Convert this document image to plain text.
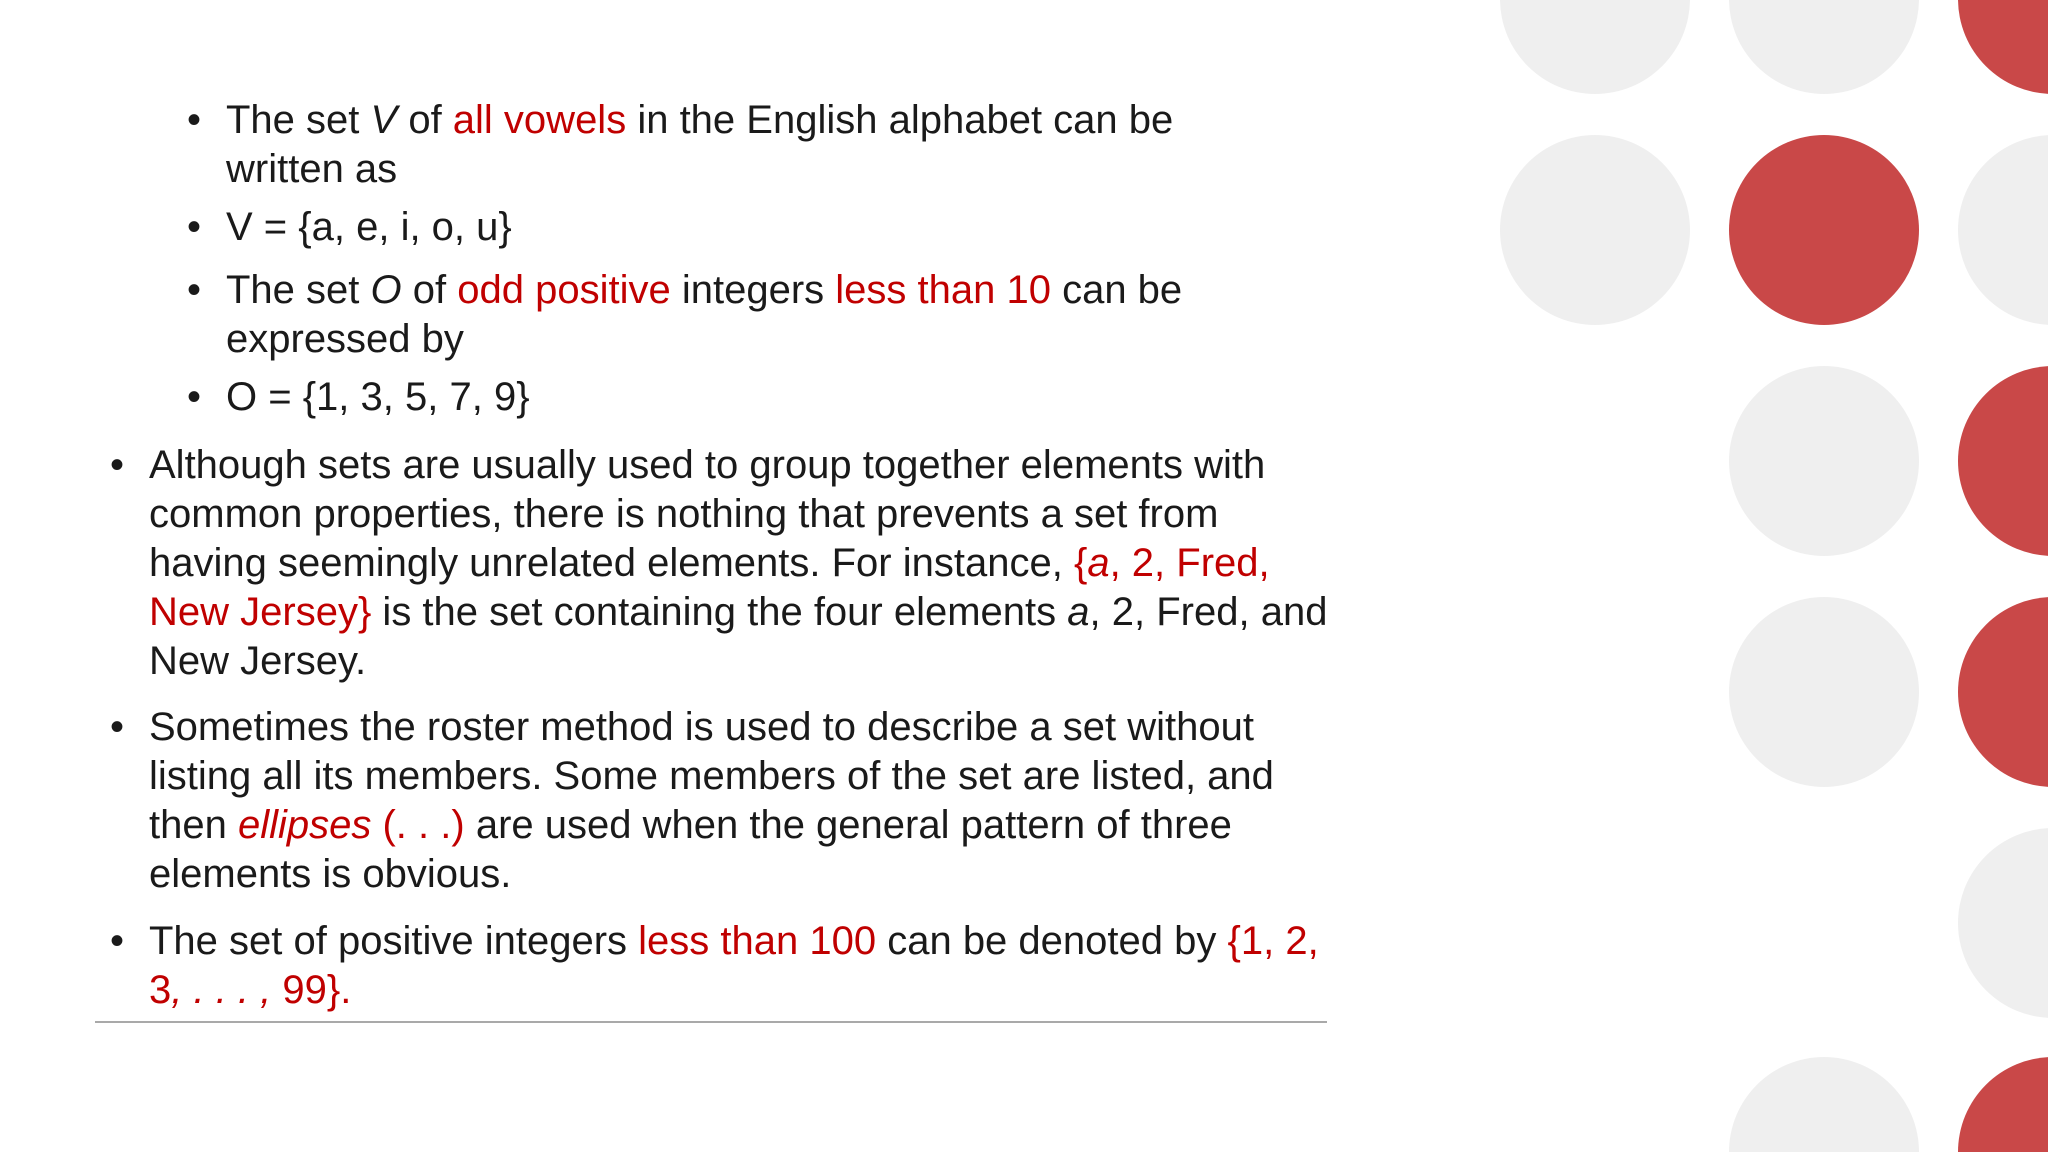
• The set V of all vowels in the English alphabet can be written as
• V = {a, e, i, o, u}
• The set O of odd positive integers less than 10 can be expressed by
• O = {1, 3, 5, 7, 9}
• Although sets are usually used to group together elements with common properties, there is nothing that prevents a set from having seemingly unrelated elements. For instance, {a, 2, Fred, New Jersey} is the set containing the four elements a, 2, Fred, and New Jersey.
• Sometimes the roster method is used to describe a set without listing all its members. Some members of the set are listed, and then ellipses (. . .) are used when the general pattern of three elements is obvious.
• The set of positive integers less than 100 can be denoted by {1, 2, 3, . . . , 99}.
